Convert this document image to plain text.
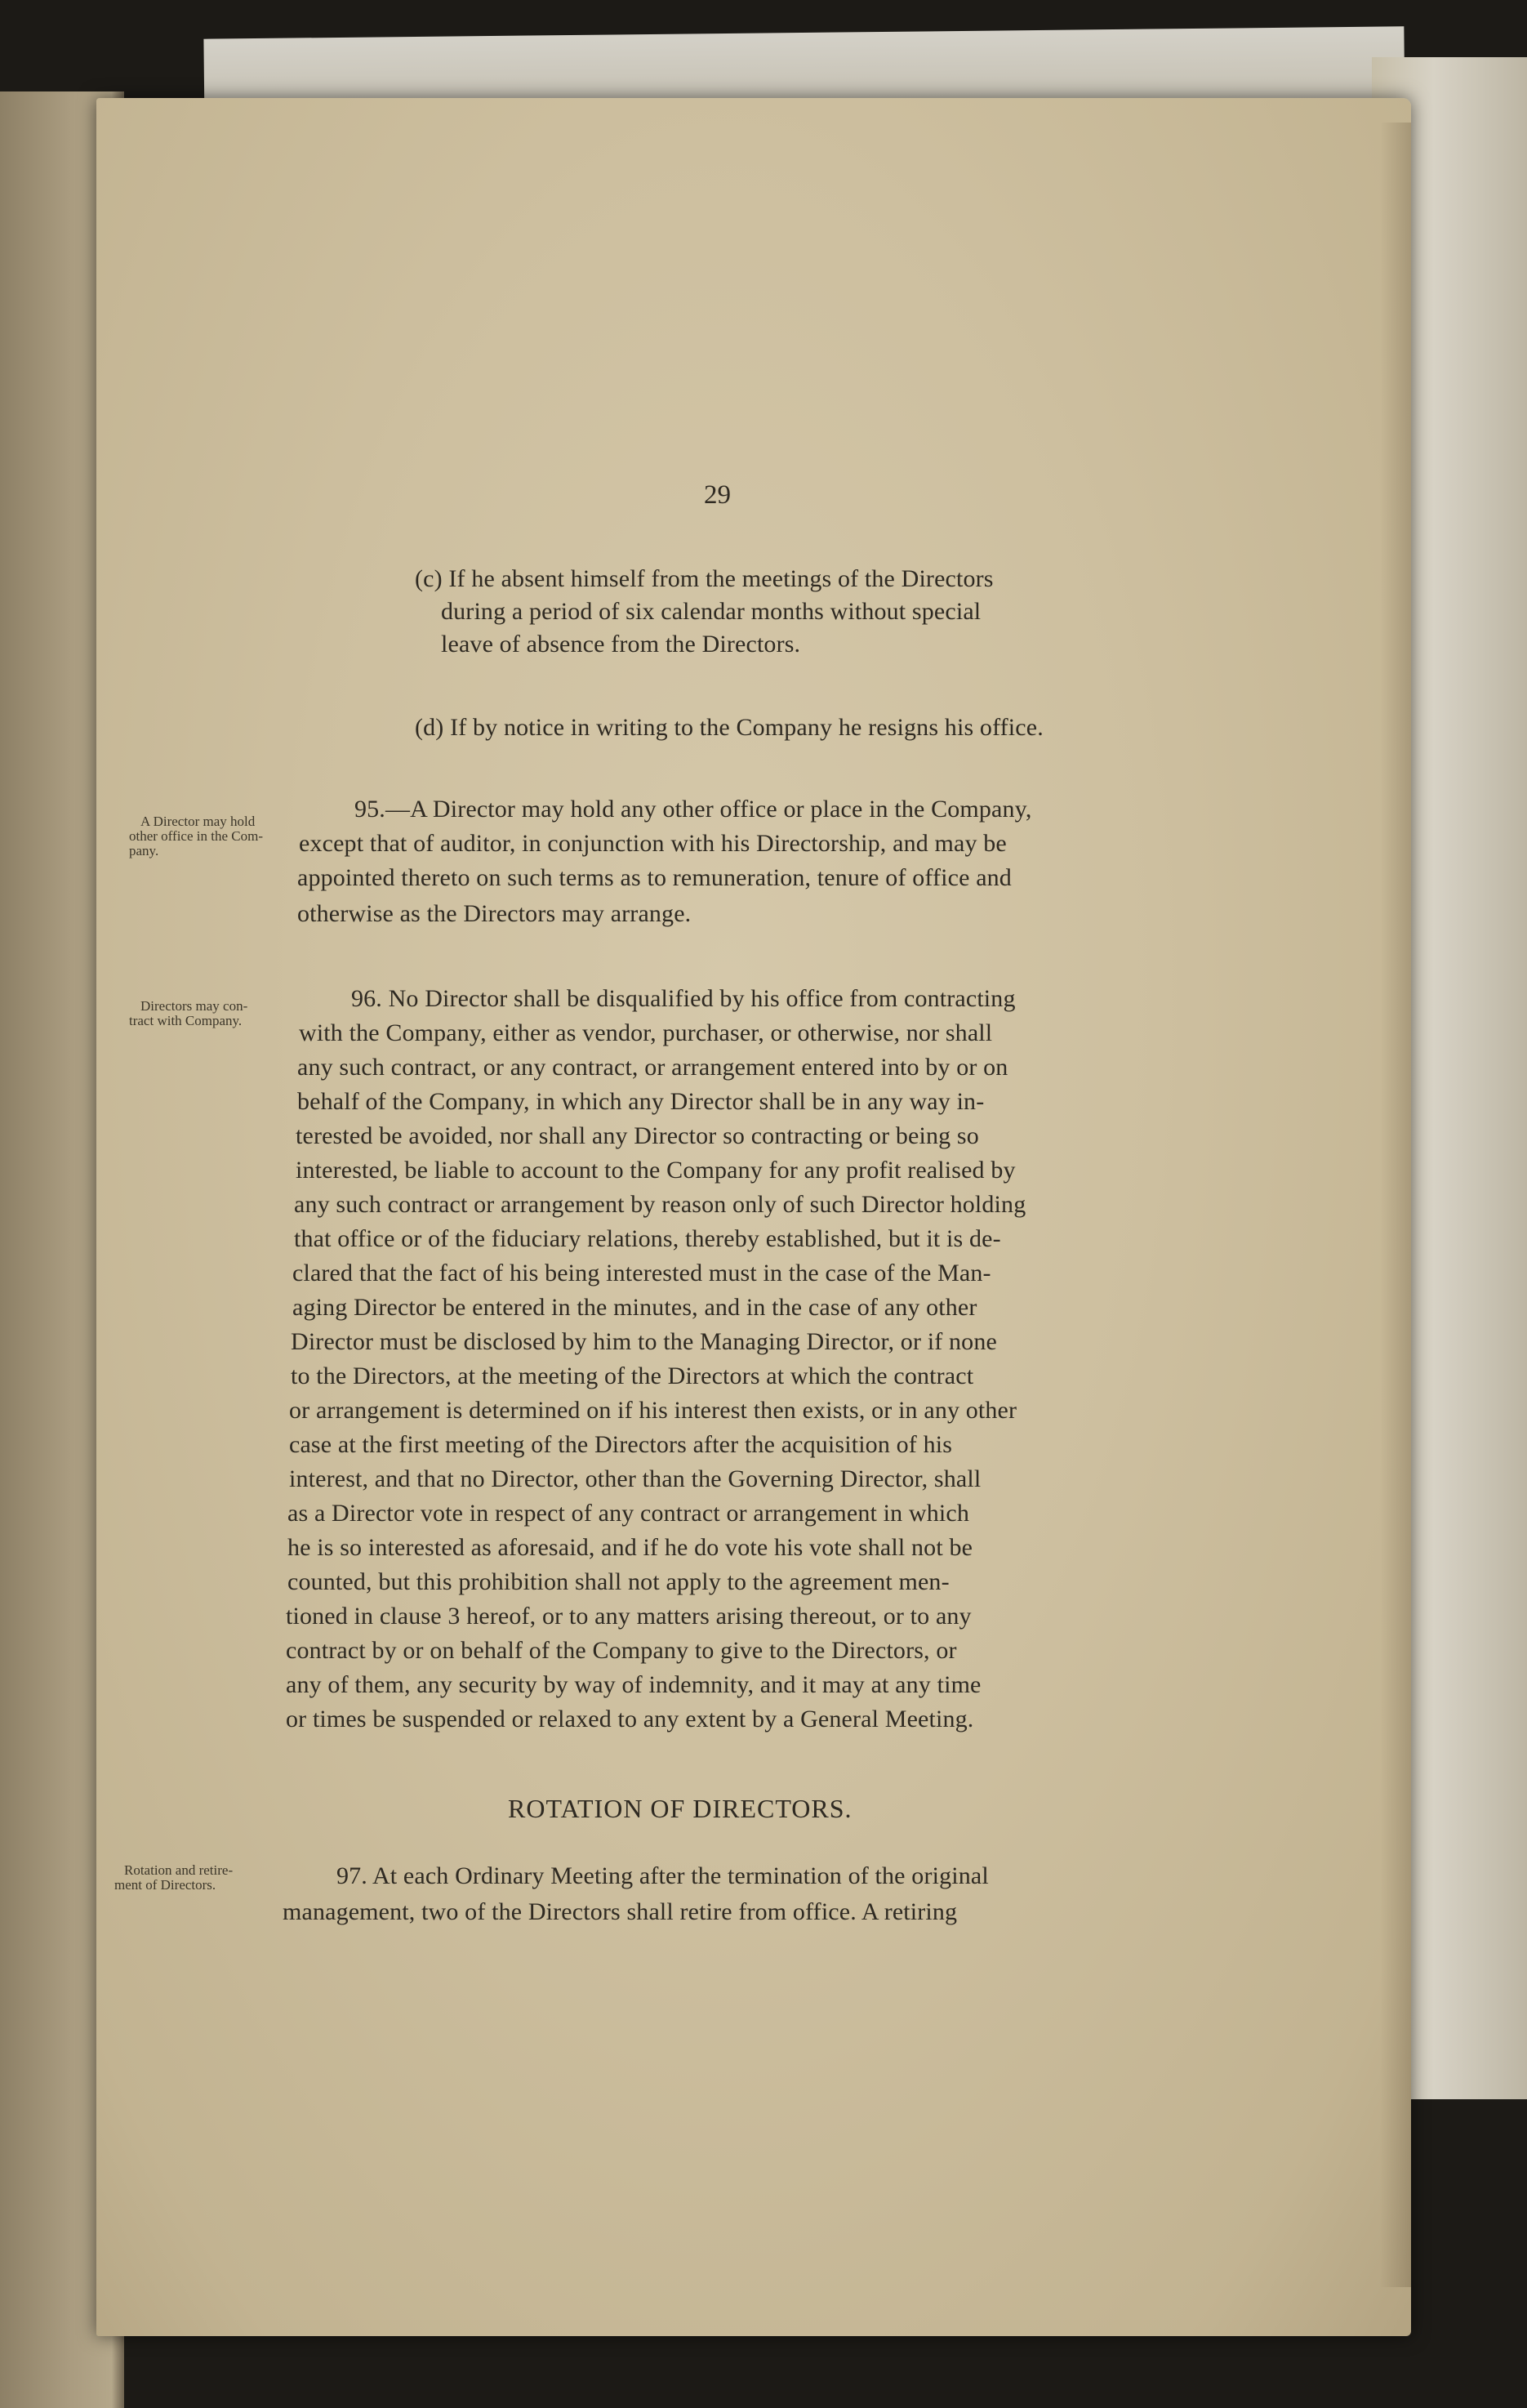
29
(c) If he absent himself from the meetings of the Directors
during a period of six calendar months without special
leave of absence from the Directors.
(d) If by notice in writing to the Company he resigns his office.
A Director may hold
other office in the Com-
pany.
95.—A Director may hold any other office or place in the Company,
except that of auditor, in conjunction with his Directorship, and may be
appointed thereto on such terms as to remuneration, tenure of office and
otherwise as the Directors may arrange.
Directors may con-
tract with Company.
96. No Director shall be disqualified by his office from contracting
with the Company, either as vendor, purchaser, or otherwise, nor shall
any such contract, or any contract, or arrangement entered into by or on
behalf of the Company, in which any Director shall be in any way in-
terested be avoided, nor shall any Director so contracting or being so
interested, be liable to account to the Company for any profit realised by
any such contract or arrangement by reason only of such Director holding
that office or of the fiduciary relations, thereby established, but it is de-
clared that the fact of his being interested must in the case of the Man-
aging Director be entered in the minutes, and in the case of any other
Director must be disclosed by him to the Managing Director, or if none
to the Directors, at the meeting of the Directors at which the contract
or arrangement is determined on if his interest then exists, or in any other
case at the first meeting of the Directors after the acquisition of his
interest, and that no Director, other than the Governing Director, shall
as a Director vote in respect of any contract or arrangement in which
he is so interested as aforesaid, and if he do vote his vote shall not be
counted, but this prohibition shall not apply to the agreement men-
tioned in clause 3 hereof, or to any matters arising thereout, or to any
contract by or on behalf of the Company to give to the Directors, or
any of them, any security by way of indemnity, and it may at any time
or times be suspended or relaxed to any extent by a General Meeting.
ROTATION OF DIRECTORS.
Rotation and retire-
ment of Directors.	97. At each Ordinary Meeting after the termination of the original
management, two of the Directors shall retire from office. A retiring
